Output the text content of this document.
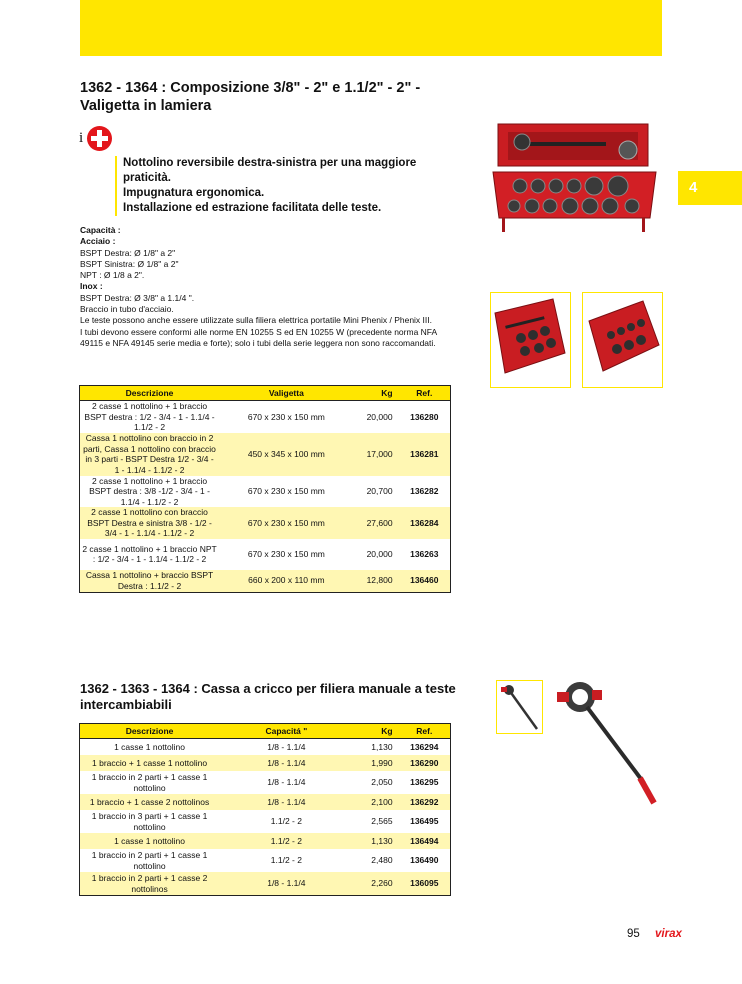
1362 - 1364 : Composizione 3/8" - 2" e 1.1/2" - 2" - Valigetta in lamiera
i
Nottolino reversibile destra-sinistra per una maggiore praticità.
Impugnatura ergonomica.
Installazione ed estrazione facilitata delle teste.
Capacità :
Acciaio :
BSPT Destra: Ø 1/8" a 2"
BSPT Sinistra: Ø 1/8" a 2"
NPT : Ø 1/8 a 2".
Inox :
BSPT Destra: Ø 3/8" a 1.1/4 ".
Braccio in tubo d'acciaio.
Le teste possono anche essere utilizzate sulla filiera elettrica portatile Mini Phenix / Phenix III.
I tubi devono essere conformi alle norme EN 10255 S ed EN 10255 W (precedente norma NFA 49115 e NFA 49145 serie media e forte); solo i tubi della serie leggera non sono raccomandati.
Descrizione	Valigetta	Kg	Ref.
2 casse 1 nottolino + 1 braccio BSPT destra : 1/2 - 3/4 - 1 - 1.1/4 - 1.1/2 - 2	670 x 230 x 150 mm	20,000	136280
Cassa 1 nottolino con braccio in 2 parti, Cassa 1 nottolino con braccio in 3 parti - BSPT Destra 1/2 - 3/4 - 1 - 1.1/4 - 1.1/2 - 2	450 x 345 x 100 mm	17,000	136281
2 casse 1 nottolino + 1 braccio BSPT destra : 3/8 -1/2 - 3/4 - 1 - 1.1/4 - 1.1/2 - 2	670 x 230 x 150 mm	20,700	136282
2 casse 1 nottolino con braccio BSPT Destra e sinistra 3/8 - 1/2 - 3/4 - 1 - 1.1/4 - 1.1/2 - 2	670 x 230 x 150 mm	27,600	136284
2 casse 1 nottolino + 1 braccio NPT : 1/2 - 3/4 - 1 - 1.1/4 - 1.1/2 - 2	670 x 230 x 150 mm	20,000	136263
Cassa 1 nottolino + braccio BSPT Destra : 1.1/2 - 2	660 x 200 x 110 mm	12,800	136460
1362 - 1363 - 1364 : Cassa a cricco per filiera manuale a teste intercambiabili
Descrizione	Capacitá "	Kg	Ref.
1 casse 1 nottolino	1/8 - 1.1/4	1,130	136294
1 braccio + 1 casse 1 nottolino	1/8 - 1.1/4	1,990	136290
1 braccio in 2 parti + 1 casse 1 nottolino	1/8 - 1.1/4	2,050	136295
1 braccio + 1 casse 2 nottolinos	1/8 - 1.1/4	2,100	136292
1 braccio in 3 parti + 1 casse 1 nottolino	1.1/2 - 2	2,565	136495
1 casse 1 nottolino	1.1/2 - 2	1,130	136494
1 braccio in 2 parti + 1 casse 1 nottolino	1.1/2 - 2	2,480	136490
1 braccio in 2 parti + 1 casse 2 nottolinos	1/8 - 1.1/4	2,260	136095
4
95 virax
